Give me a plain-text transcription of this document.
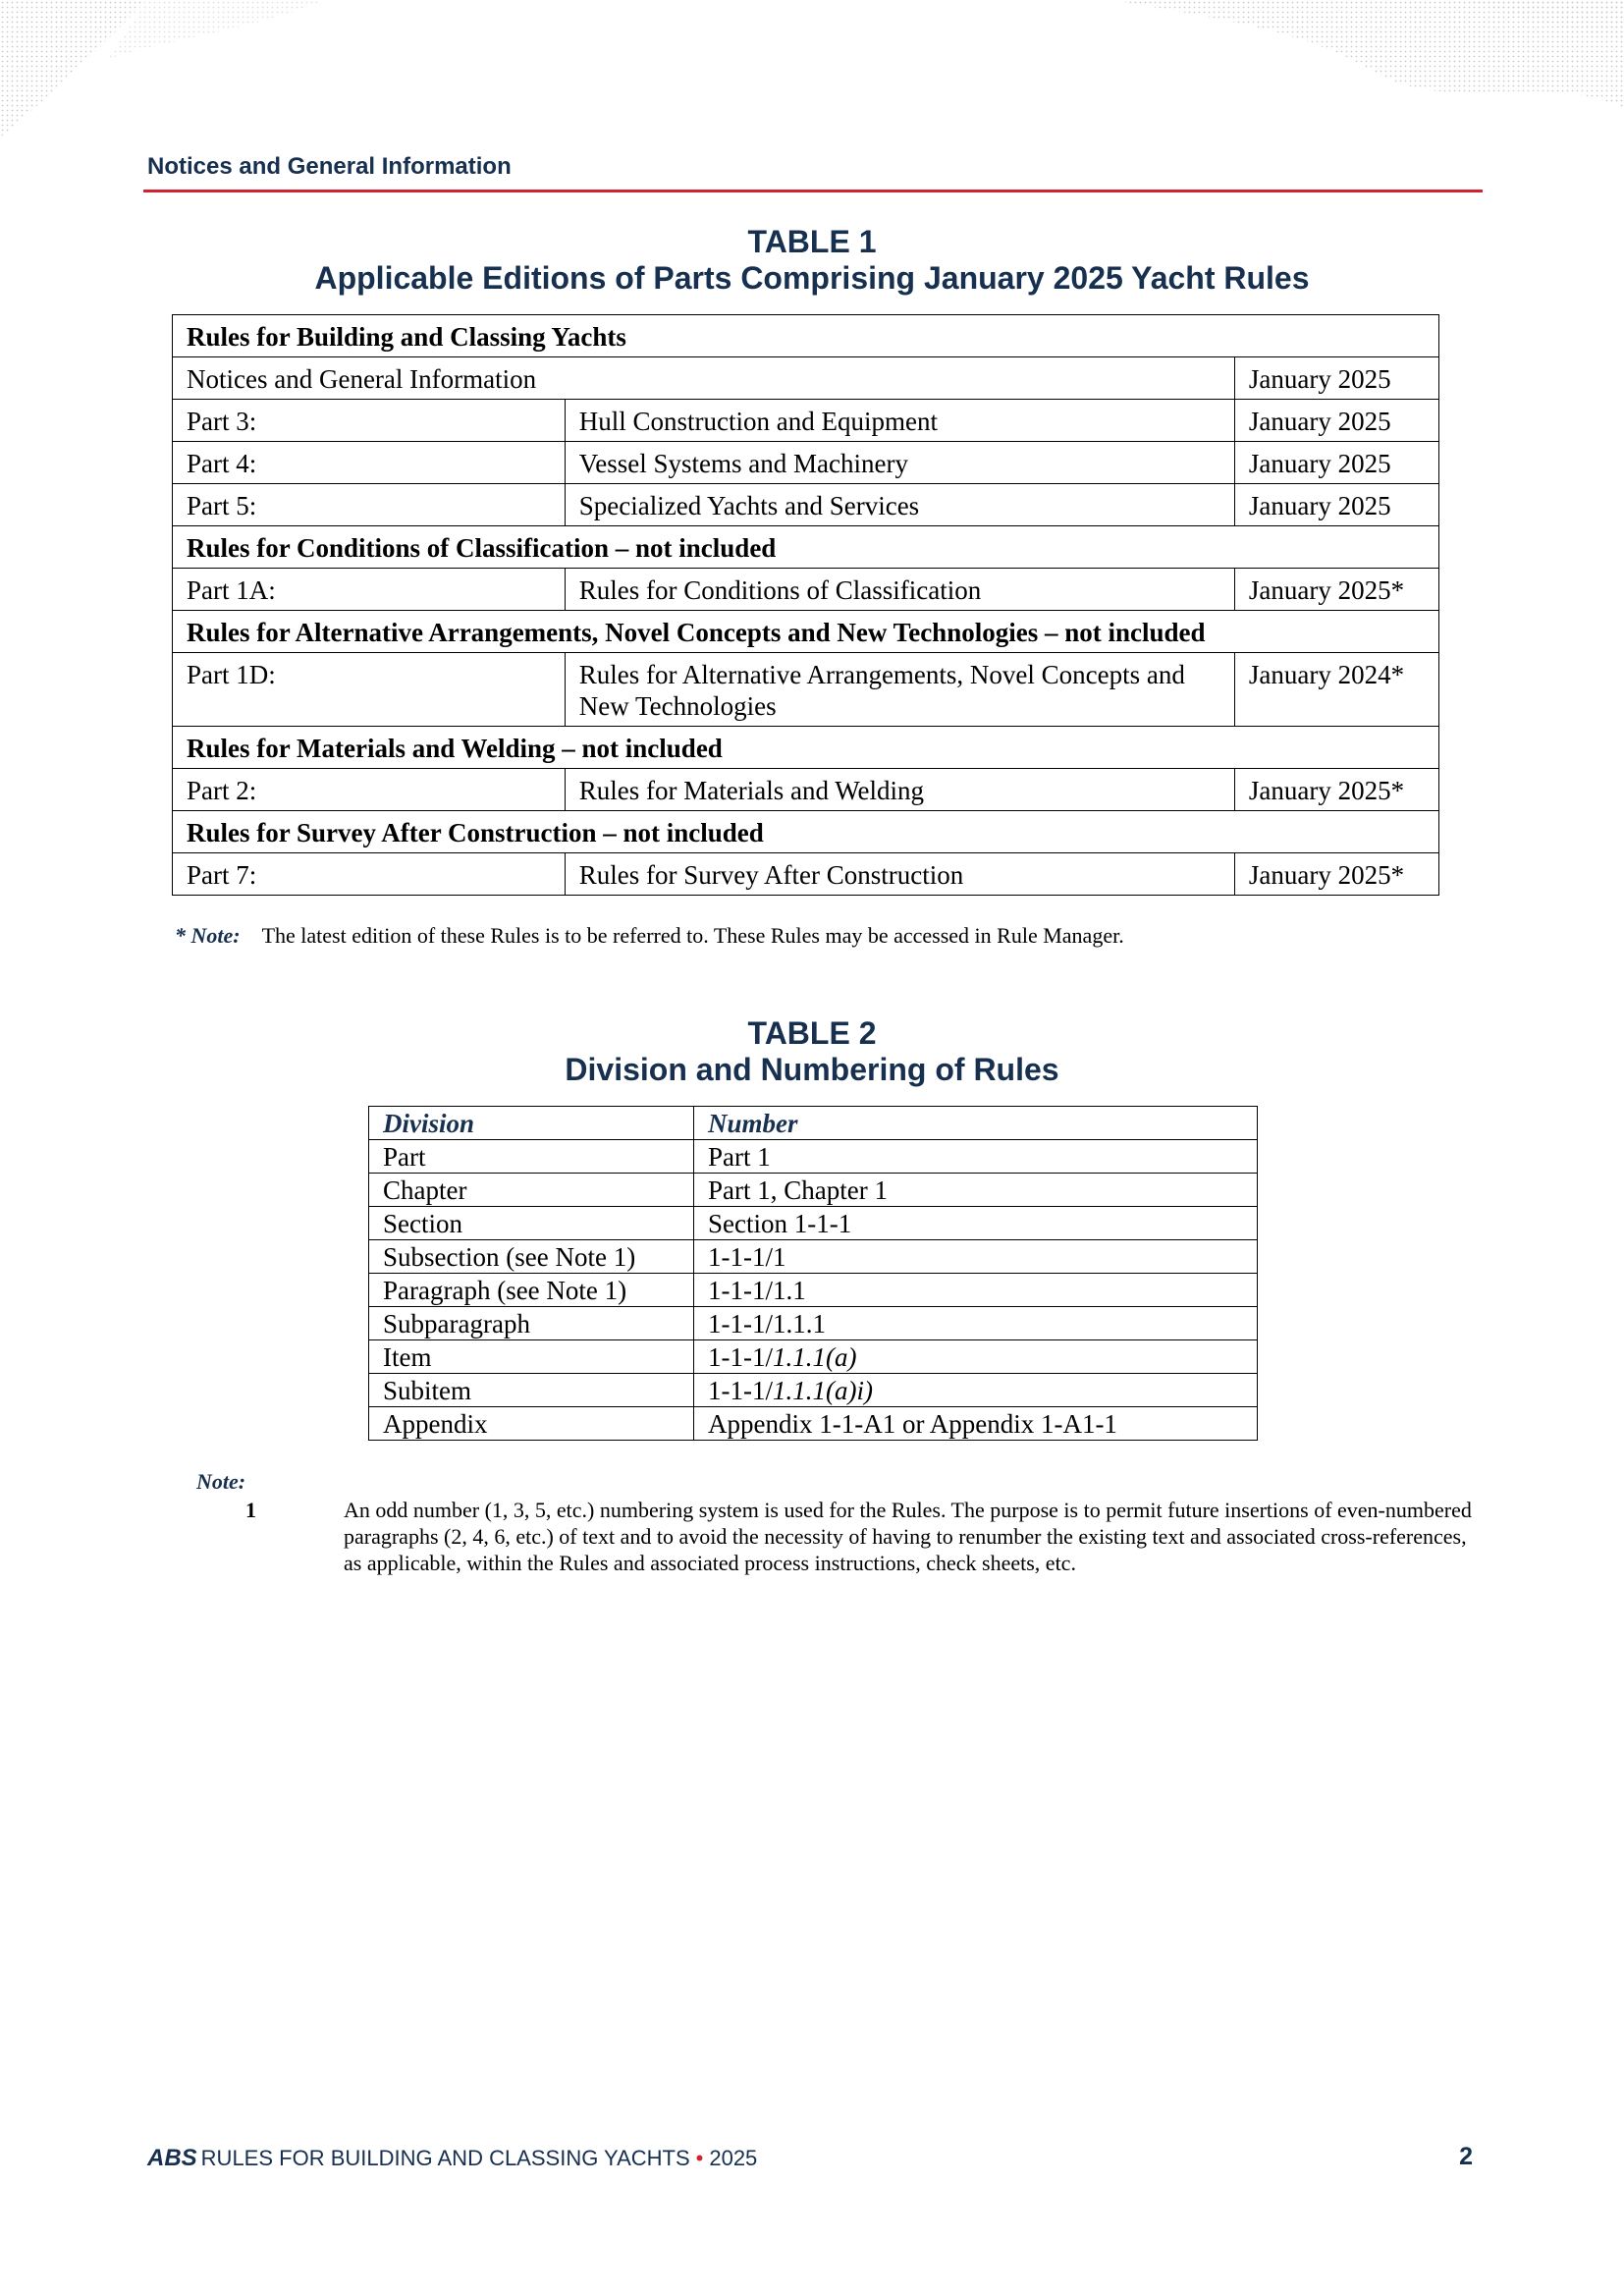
Notices and General Information
TABLE 1
Applicable Editions of Parts Comprising January 2025 Yacht Rules
Rules for Building and Classing Yachts		
Notices and General Information		January 2025
Part 3:	Hull Construction and Equipment	January 2025
Part 4:	Vessel Systems and Machinery	January 2025
Part 5:	Specialized Yachts and Services	January 2025
Rules for Conditions of Classification – not included		
Part 1A:	Rules for Conditions of Classification	January 2025*
Rules for Alternative Arrangements, Novel Concepts and New Technologies – not included		
Part 1D:	Rules for Alternative Arrangements, Novel Concepts and New Technologies	January 2024*
Rules for Materials and Welding – not included		
Part 2:	Rules for Materials and Welding	January 2025*
Rules for Survey After Construction – not included		
Part 7:	Rules for Survey After Construction	January 2025*
* Note: The latest edition of these Rules is to be referred to. These Rules may be accessed in Rule Manager.
TABLE 2
Division and Numbering of Rules
Division	Number
Part	Part 1
Chapter	Part 1, Chapter 1
Section	Section 1-1-1
Subsection (see Note 1)	1-1-1/1
Paragraph (see Note 1)	1-1-1/1.1
Subparagraph	1-1-1/1.1.1
Item	1-1-1/1.1.1(a)
Subitem	1-1-1/1.1.1(a)i)
Appendix	Appendix 1-1-A1 or Appendix 1-A1-1
Note:
1	An odd number (1, 3, 5, etc.) numbering system is used for the Rules. The purpose is to permit future insertions of even-numbered paragraphs (2, 4, 6, etc.) of text and to avoid the necessity of having to renumber the existing text and associated cross-references, as applicable, within the Rules and associated process instructions, check sheets, etc.
ABS RULES FOR BUILDING AND CLASSING YACHTS • 2025	2
